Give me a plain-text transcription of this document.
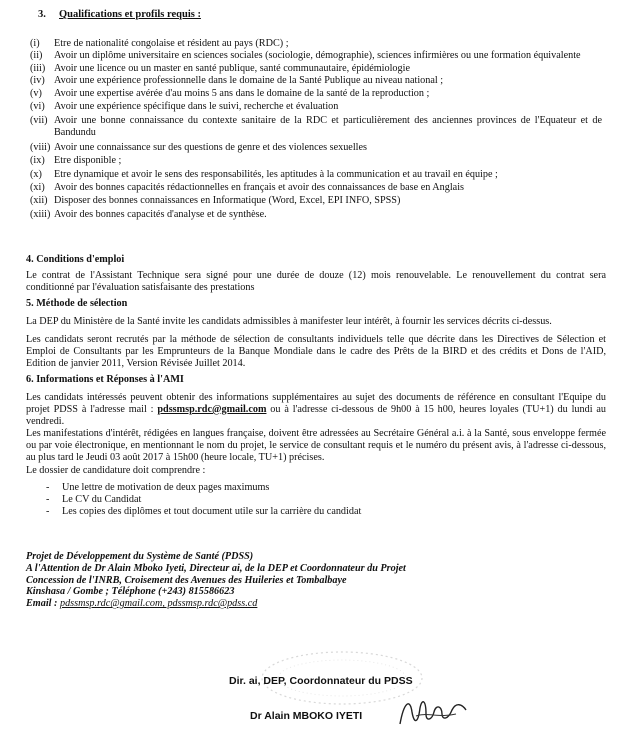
3. Qualifications et profils requis :
(i)	Etre de nationalité congolaise et résident au pays (RDC) ;
(ii)	Avoir un diplôme universitaire en sciences sociales (sociologie, démographie), sciences infirmières ou une formation équivalente
(iii) Avoir une licence ou un master en santé publique, santé communautaire, épidémiologie
(iv) Avoir une expérience professionnelle dans le domaine de la Santé Publique au niveau national ;
(v)	Avoir une expertise avérée d'au moins 5 ans dans le domaine de la santé de la reproduction ;
(vi) Avoir une expérience spécifique dans le suivi, recherche et évaluation
(vii) Avoir une bonne connaissance du contexte sanitaire de la RDC et particulièrement des anciennes provinces de l'Equateur et de Bandundu
(viii) Avoir une connaissance sur des questions de genre et des violences sexuelles
(ix) Etre disponible ;
(x)	Etre dynamique et avoir le sens des responsabilités, les aptitudes à la communication et au travail en équipe ;
(xi) Avoir des bonnes capacités rédactionnelles en français et avoir des connaissances de base en Anglais
(xii) Disposer des bonnes connaissances en Informatique (Word, Excel, EPI INFO, SPSS)
(xiii) Avoir des bonnes capacités d'analyse et de synthèse.
4. Conditions d'emploi
Le contrat de l'Assistant Technique sera signé pour une durée de douze (12) mois renouvelable. Le renouvellement du contrat sera conditionné par l'évaluation satisfaisante des prestations
5. Méthode de sélection
La DEP du Ministère de la Santé invite les candidats admissibles à manifester leur intérêt, à fournir les services décrits ci-dessus.
Les candidats seront recrutés par la méthode de sélection de consultants individuels telle que décrite dans les Directives de Sélection et Emploi de Consultants par les Emprunteurs de la Banque Mondiale dans le cadre des Prêts de la BIRD et des crédits et Dons de l'AID, Edition de janvier 2011, Version Révisée Juillet 2014.
6. Informations et Réponses à l'AMI
Les candidats intéressés peuvent obtenir des informations supplémentaires au sujet des documents de référence en consultant l'Equipe du projet PDSS à l'adresse mail : pdssmsp.rdc@gmail.com ou à l'adresse ci-dessous de 9h00 à 15 h00, heures loyales (TU+1) du lundi au vendredi.
Les manifestations d'intérêt, rédigées en langues française, doivent être adressées au Secrétaire Général a.i. à la Santé, sous enveloppe fermée ou par voie électronique, en mentionnant le nom du projet, le service de consultant requis et le numéro du présent avis, à l'adresse ci-dessous, au plus tard le Jeudi 03 août 2017 à 15h00 (heure locale, TU+1) précises.
Le dossier de candidature doit comprendre :
- Une lettre de motivation de deux pages maximums
- Le CV du Candidat
- Les copies des diplômes et tout document utile sur la carrière du candidat
Projet de Développement du Système de Santé (PDSS)
A l'Attention de Dr Alain Mboko Iyeti, Directeur ai, de la DEP et Coordonnateur du Projet
Concession de l'INRB, Croisement des Avenues des Huileries et Tombalbaye
Kinshasa / Gombe ; Téléphone (+243) 815586623
Email : pdssmsp.rdc@gmail.com, pdssmsp.rdc@pdss.cd
Dir. ai, DEP, Coordonnateur du PDSS
Dr Alain MBOKO IYETI
